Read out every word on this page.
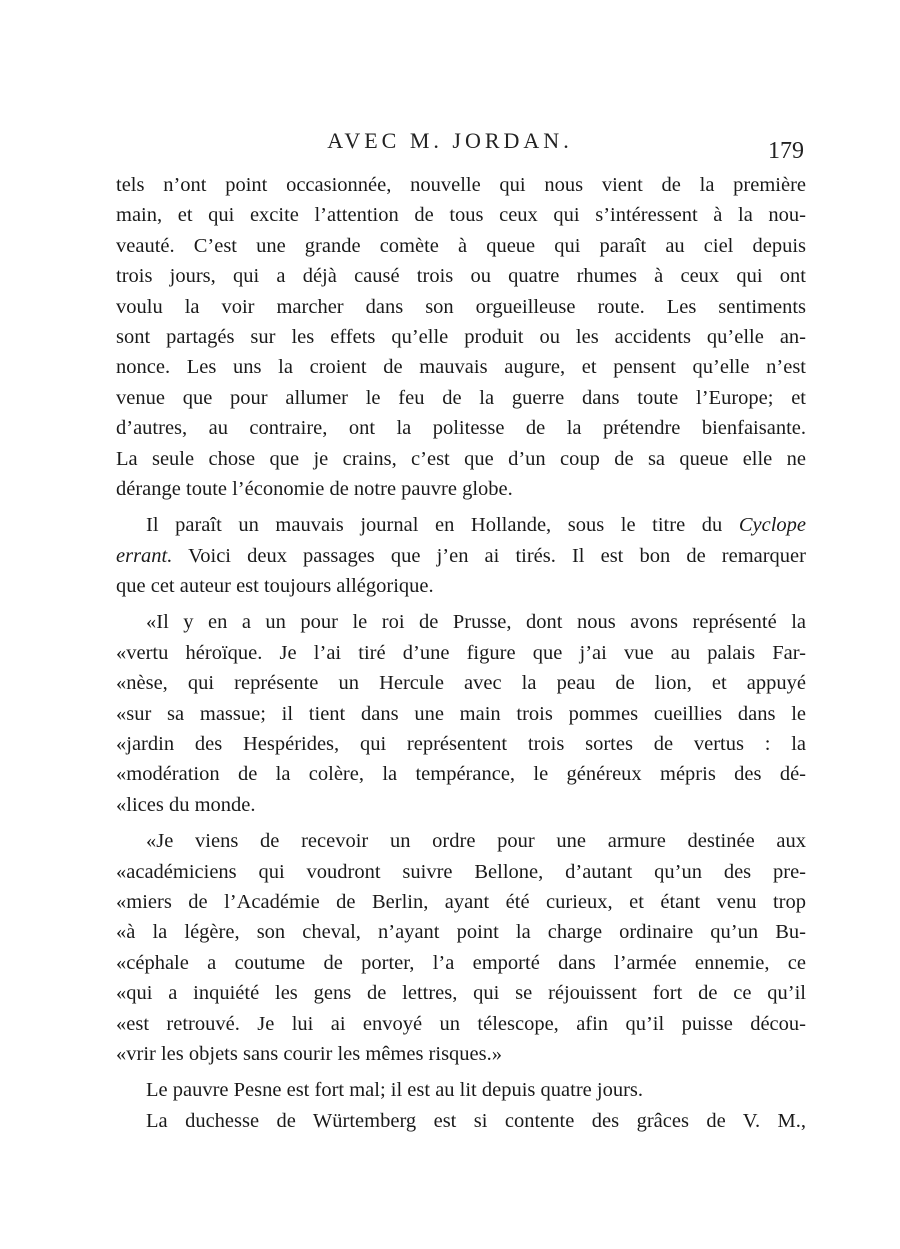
AVEC M. JORDAN.	179
tels n’ont point occasionnée, nouvelle qui nous vient de la première
main, et qui excite l’attention de tous ceux qui s’intéressent à la nou-
veauté. C’est une grande comète à queue qui paraît au ciel depuis
trois jours, qui a déjà causé trois ou quatre rhumes à ceux qui ont
voulu la voir marcher dans son orgueilleuse route. Les sentiments
sont partagés sur les effets qu’elle produit ou les accidents qu’elle an-
nonce. Les uns la croient de mauvais augure, et pensent qu’elle n’est
venue que pour allumer le feu de la guerre dans toute l’Europe; et
d’autres, au contraire, ont la politesse de la prétendre bienfaisante.
La seule chose que je crains, c’est que d’un coup de sa queue elle ne
dérange toute l’économie de notre pauvre globe.
Il paraît un mauvais journal en Hollande, sous le titre du Cyclope
errant. Voici deux passages que j’en ai tirés. Il est bon de remarquer
que cet auteur est toujours allégorique.
«Il y en a un pour le roi de Prusse, dont nous avons représenté la
«vertu héroïque. Je l’ai tiré d’une figure que j’ai vue au palais Far-
«nèse, qui représente un Hercule avec la peau de lion, et appuyé
«sur sa massue; il tient dans une main trois pommes cueillies dans le
«jardin des Hespérides, qui représentent trois sortes de vertus : la
«modération de la colère, la tempérance, le généreux mépris des dé-
«lices du monde.
«Je viens de recevoir un ordre pour une armure destinée aux
«académiciens qui voudront suivre Bellone, d’autant qu’un des pre-
«miers de l’Académie de Berlin, ayant été curieux, et étant venu trop
«à la légère, son cheval, n’ayant point la charge ordinaire qu’un Bu-
«céphale a coutume de porter, l’a emporté dans l’armée ennemie, ce
«qui a inquiété les gens de lettres, qui se réjouissent fort de ce qu’il
«est retrouvé. Je lui ai envoyé un télescope, afin qu’il puisse décou-
«vrir les objets sans courir les mêmes risques.»
Le pauvre Pesne est fort mal; il est au lit depuis quatre jours.
La duchesse de Würtemberg est si contente des grâces de V. M.,
